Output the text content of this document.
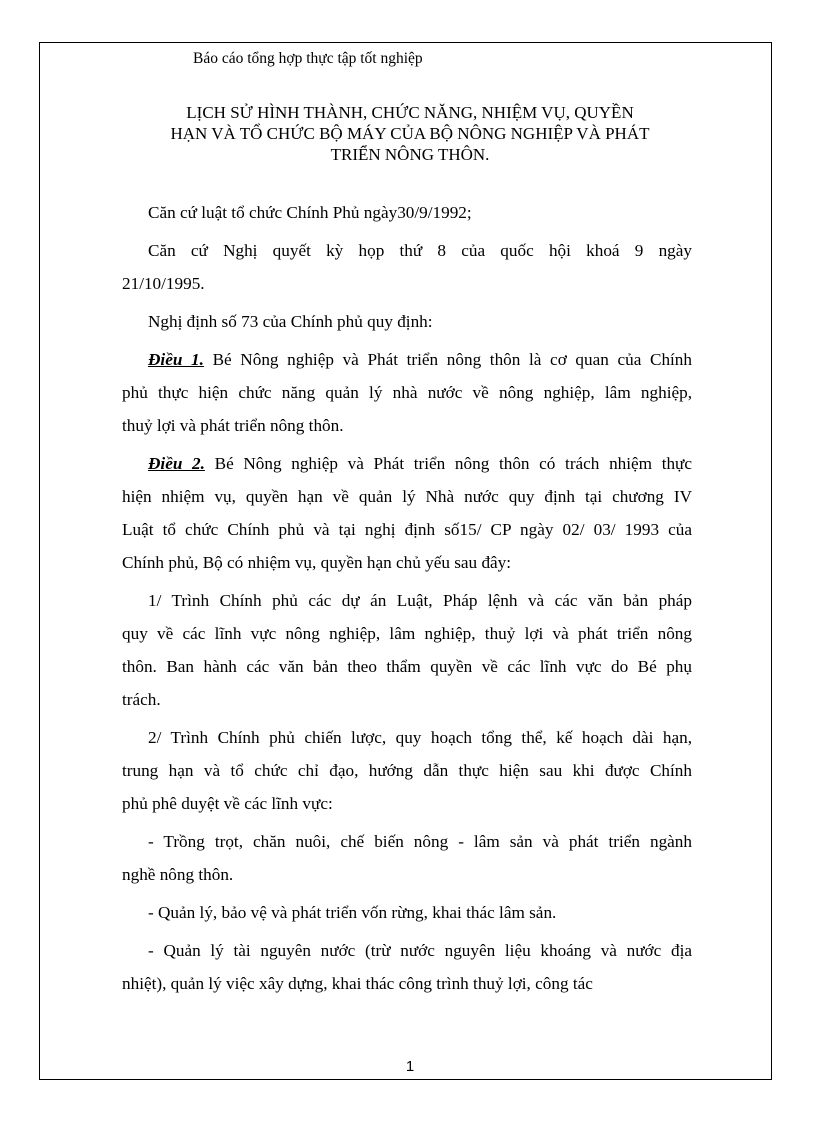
Báo cáo tổng hợp thực tập tốt nghiệp
LỊCH SỬ HÌNH THÀNH, CHỨC NĂNG, NHIỆM VỤ, QUYỀN
HẠN VÀ TỔ CHỨC BỘ MÁY CỦA BỘ NÔNG NGHIỆP VÀ PHÁT
TRIỂN NÔNG THÔN.
Căn cứ luật tổ chức Chính Phủ ngày30/9/1992;
Căn cứ Nghị quyết kỳ họp thứ 8 của quốc hội khoá 9 ngày
21/10/1995.
Nghị định số 73 của Chính phủ quy định:
Điều 1. Bé Nông nghiệp và Phát triển nông thôn là cơ quan của Chính
phủ thực hiện chức năng quản lý nhà nước về nông nghiệp, lâm nghiệp,
thuỷ lợi và phát triển nông thôn.
Điều 2. Bé Nông nghiệp và Phát triển nông thôn có trách nhiệm thực
hiện nhiệm vụ, quyền hạn về quản lý Nhà nước quy định tại chương IV
Luật tổ chức Chính phủ và tại nghị định số15/ CP ngày 02/ 03/ 1993 của
Chính phủ, Bộ có nhiệm vụ, quyền hạn chủ yếu sau đây:
1/ Trình Chính phủ các dự án Luật, Pháp lệnh và các văn bản pháp
quy về các lĩnh vực nông nghiệp, lâm nghiệp, thuỷ lợi và phát triển nông
thôn. Ban hành các văn bản theo thẩm quyền về các lĩnh vực do Bé phụ
trách.
2/ Trình Chính phủ chiến lược, quy hoạch tổng thể, kế hoạch dài hạn,
trung hạn và tổ chức chỉ đạo, hướng dẫn thực hiện sau khi được Chính
phủ phê duyệt về các lĩnh vực:
- Trồng trọt, chăn nuôi, chế biến nông - lâm sản và phát triển ngành
nghề nông thôn.
- Quản lý, bảo vệ và phát triển vốn rừng, khai thác lâm sản.
- Quản lý tài nguyên nước (trừ nước nguyên liệu khoáng và nước địa
nhiệt), quản lý việc xây dựng, khai thác công trình thuỷ lợi, công tác
1
